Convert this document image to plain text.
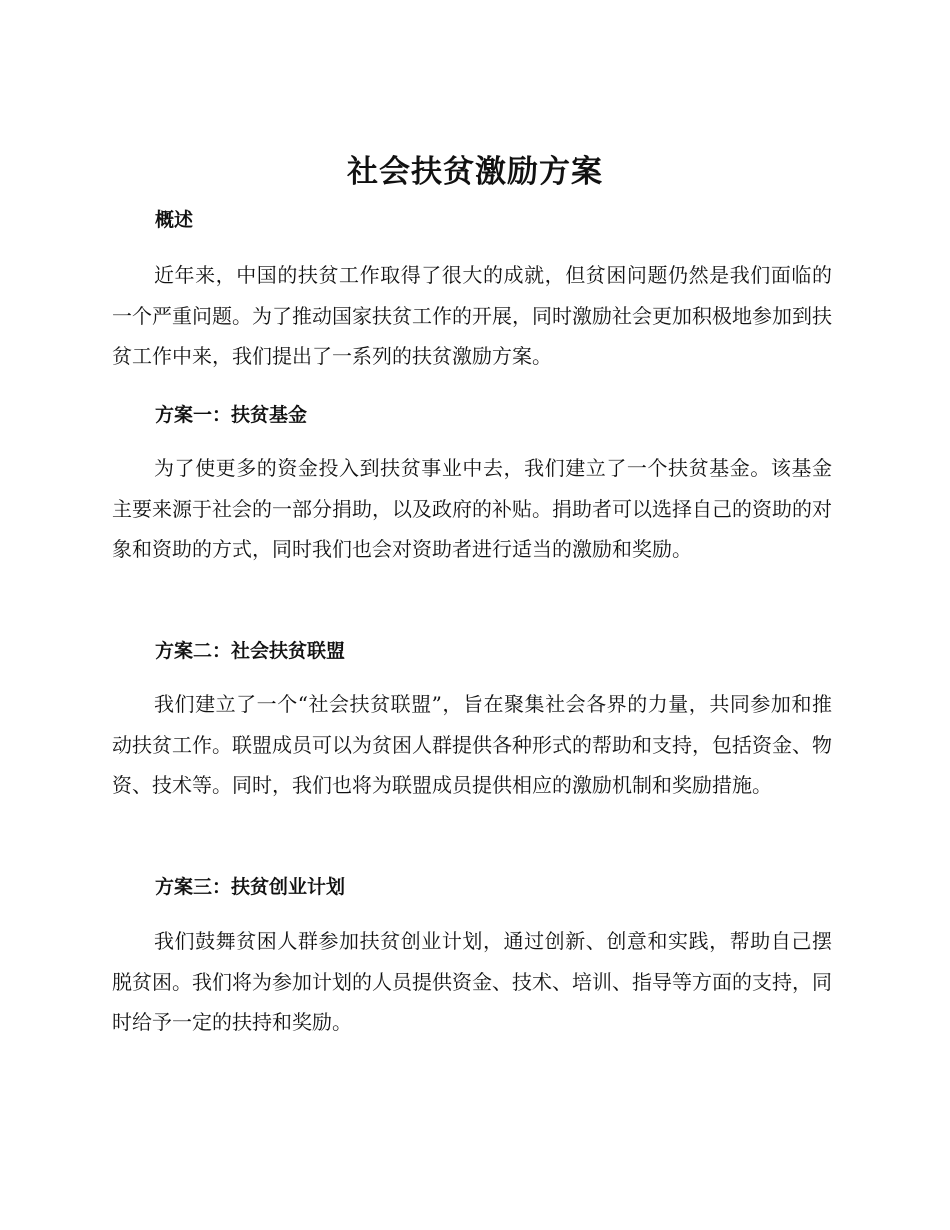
社会扶贫激励方案
概述

近年来，中国的扶贫工作取得了很大的成就，但贫困问题仍然是我们面临的一个严重问题。为了推动国家扶贫工作的开展，同时激励社会更加积极地参加到扶贫工作中来，我们提出了一系列的扶贫激励方案。

方案一：扶贫基金

为了使更多的资金投入到扶贫事业中去，我们建立了一个扶贫基金。该基金主要来源于社会的一部分捐助，以及政府的补贴。捐助者可以选择自己的资助的对象和资助的方式，同时我们也会对资助者进行适当的激励和奖励。

方案二：社会扶贫联盟

我们建立了一个“社会扶贫联盟”，旨在聚集社会各界的力量，共同参加和推动扶贫工作。联盟成员可以为贫困人群提供各种形式的帮助和支持，包括资金、物资、技术等。同时，我们也将为联盟成员提供相应的激励机制和奖励措施。

方案三：扶贫创业计划

我们鼓舞贫困人群参加扶贫创业计划，通过创新、创意和实践，帮助自己摆脱贫困。我们将为参加计划的人员提供资金、技术、培训、指导等方面的支持，同时给予一定的扶持和奖励。
